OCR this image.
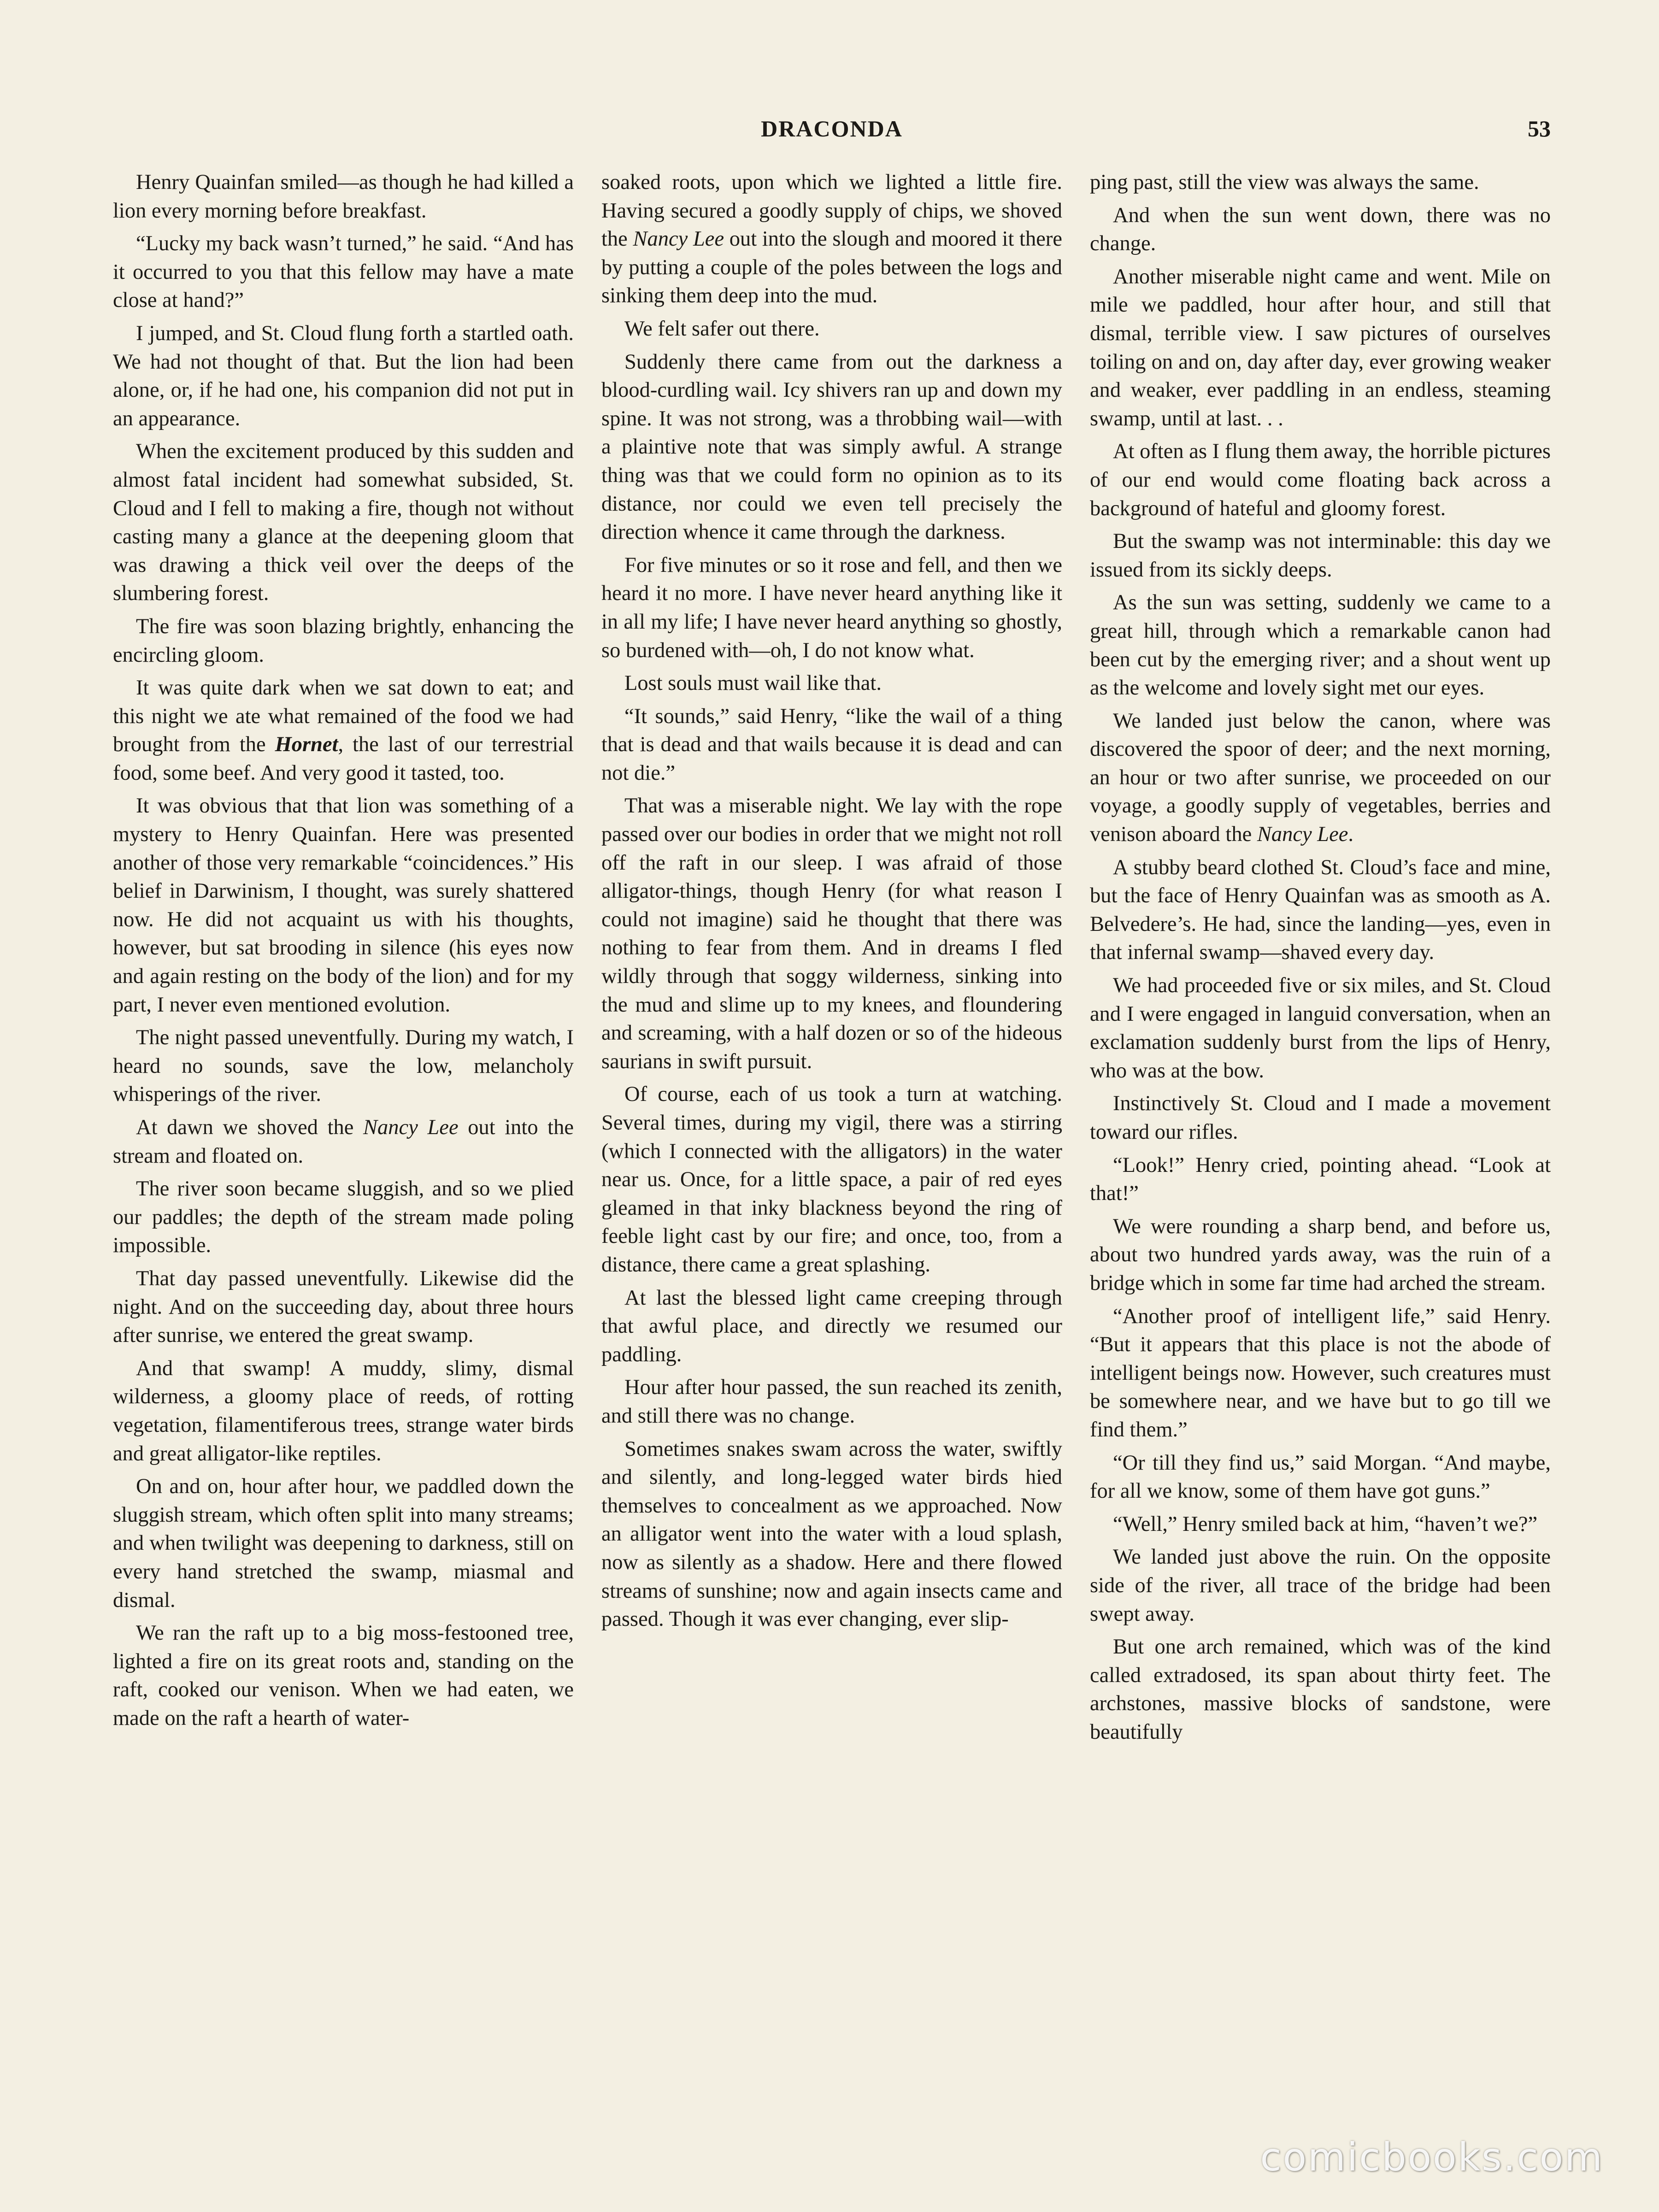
DRACONDA	53

Henry Quainfan smiled—as though he had killed a lion every morning before breakfast.

“Lucky my back wasn’t turned,” he said. “And has it occurred to you that this fellow may have a mate close at hand?”

I jumped, and St. Cloud flung forth a startled oath. We had not thought of that. But the lion had been alone, or, if he had one, his companion did not put in an appearance.

When the excitement produced by this sudden and almost fatal incident had somewhat subsided, St. Cloud and I fell to making a fire, though not without casting many a glance at the deepening gloom that was drawing a thick veil over the deeps of the slumbering forest.

The fire was soon blazing brightly, enhancing the encircling gloom.

It was quite dark when we sat down to eat; and this night we ate what remained of the food we had brought from the Hornet, the last of our terrestrial food, some beef. And very good it tasted, too.

It was obvious that that lion was something of a mystery to Henry Quainfan. Here was presented another of those very remarkable “coincidences.” His belief in Darwinism, I thought, was surely shattered now. He did not acquaint us with his thoughts, however, but sat brooding in silence (his eyes now and again resting on the body of the lion) and for my part, I never even mentioned evolution.

The night passed uneventfully. During my watch, I heard no sounds, save the low, melancholy whisperings of the river.

At dawn we shoved the Nancy Lee out into the stream and floated on.

The river soon became sluggish, and so we plied our paddles; the depth of the stream made poling impossible.

That day passed uneventfully. Likewise did the night. And on the succeeding day, about three hours after sunrise, we entered the great swamp.

And that swamp! A muddy, slimy, dismal wilderness, a gloomy place of reeds, of rotting vegetation, filamentiferous trees, strange water birds and great alligator-like reptiles.

On and on, hour after hour, we paddled down the sluggish stream, which often split into many streams; and when twilight was deepening to darkness, still on every hand stretched the swamp, miasmal and dismal.

We ran the raft up to a big moss-festooned tree, lighted a fire on its great roots and, standing on the raft, cooked our venison. When we had eaten, we made on the raft a hearth of water-

soaked roots, upon which we lighted a little fire. Having secured a goodly supply of chips, we shoved the Nancy Lee out into the slough and moored it there by putting a couple of the poles between the logs and sinking them deep into the mud.

We felt safer out there.

Suddenly there came from out the darkness a blood-curdling wail. Icy shivers ran up and down my spine. It was not strong, was a throbbing wail—with a plaintive note that was simply awful. A strange thing was that we could form no opinion as to its distance, nor could we even tell precisely the direction whence it came through the darkness.

For five minutes or so it rose and fell, and then we heard it no more. I have never heard anything like it in all my life; I have never heard anything so ghostly, so burdened with—oh, I do not know what.

Lost souls must wail like that.

“It sounds,” said Henry, “like the wail of a thing that is dead and that wails because it is dead and can not die.”

That was a miserable night. We lay with the rope passed over our bodies in order that we might not roll off the raft in our sleep. I was afraid of those alligator-things, though Henry (for what reason I could not imagine) said he thought that there was nothing to fear from them. And in dreams I fled wildly through that soggy wilderness, sinking into the mud and slime up to my knees, and floundering and screaming, with a half dozen or so of the hideous saurians in swift pursuit.

Of course, each of us took a turn at watching. Several times, during my vigil, there was a stirring (which I connected with the alligators) in the water near us. Once, for a little space, a pair of red eyes gleamed in that inky blackness beyond the ring of feeble light cast by our fire; and once, too, from a distance, there came a great splashing.

At last the blessed light came creeping through that awful place, and directly we resumed our paddling.

Hour after hour passed, the sun reached its zenith, and still there was no change.

Sometimes snakes swam across the water, swiftly and silently, and long-legged water birds hied themselves to concealment as we approached. Now an alligator went into the water with a loud splash, now as silently as a shadow. Here and there flowed streams of sunshine; now and again insects came and passed. Though it was ever changing, ever slip-

ping past, still the view was always the same.

And when the sun went down, there was no change.

Another miserable night came and went. Mile on mile we paddled, hour after hour, and still that dismal, terrible view. I saw pictures of ourselves toiling on and on, day after day, ever growing weaker and weaker, ever paddling in an endless, steaming swamp, until at last. . .

At often as I flung them away, the horrible pictures of our end would come floating back across a background of hateful and gloomy forest.

But the swamp was not interminable: this day we issued from its sickly deeps.

As the sun was setting, suddenly we came to a great hill, through which a remarkable canon had been cut by the emerging river; and a shout went up as the welcome and lovely sight met our eyes.

We landed just below the canon, where was discovered the spoor of deer; and the next morning, an hour or two after sunrise, we proceeded on our voyage, a goodly supply of vegetables, berries and venison aboard the Nancy Lee.

A stubby beard clothed St. Cloud’s face and mine, but the face of Henry Quainfan was as smooth as A. Belvedere’s. He had, since the landing—yes, even in that infernal swamp—shaved every day.

We had proceeded five or six miles, and St. Cloud and I were engaged in languid conversation, when an exclamation suddenly burst from the lips of Henry, who was at the bow.

Instinctively St. Cloud and I made a movement toward our rifles.

“Look!” Henry cried, pointing ahead. “Look at that!”

We were rounding a sharp bend, and before us, about two hundred yards away, was the ruin of a bridge which in some far time had arched the stream.

“Another proof of intelligent life,” said Henry. “But it appears that this place is not the abode of intelligent beings now. However, such creatures must be somewhere near, and we have but to go till we find them.”

“Or till they find us,” said Morgan. “And maybe, for all we know, some of them have got guns.”

“Well,” Henry smiled back at him, “haven’t we?”

We landed just above the ruin. On the opposite side of the river, all trace of the bridge had been swept away.

But one arch remained, which was of the kind called extradosed, its span about thirty feet. The archstones, massive blocks of sandstone, were beautifully

comicbooks.com
